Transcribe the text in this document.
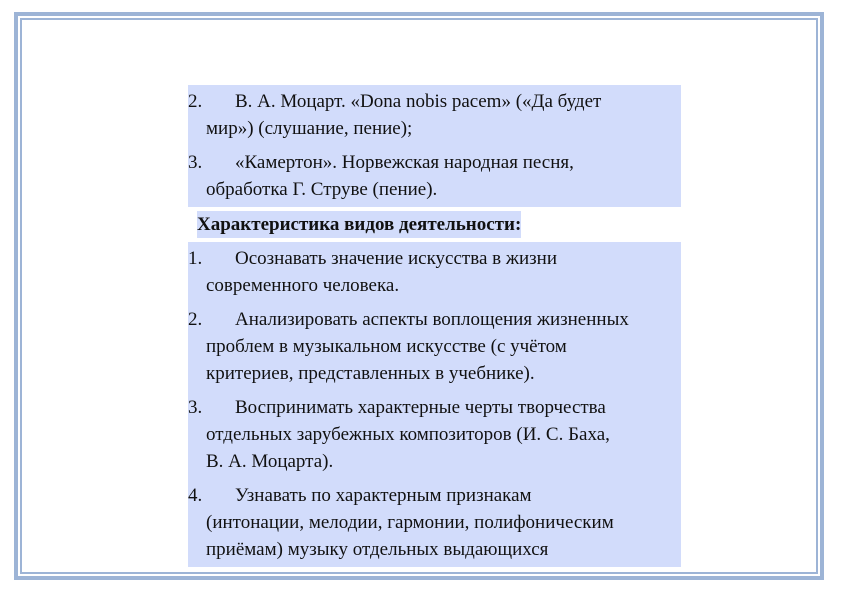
2. В. А. Моцарт. «Dona nobis pacem» («Да будет
мир») (слушание, пение);
3. «Камертон». Норвежская народная песня,
обработка Г. Струве (пение).
Характеристика видов деятельности:
1. Осознавать значение искусства в жизни
современного человека.
2. Анализировать аспекты воплощения жизненных
проблем в музыкальном искусстве (с учётом
критериев, представленных в учебнике).
3. Воспринимать характерные черты творчества
отдельных зарубежных композиторов (И. С. Баха,
В. А. Моцарта).
4. Узнавать по характерным признакам
(интонации, мелодии, гармонии, полифоническим
приёмам) музыку отдельных выдающихся
